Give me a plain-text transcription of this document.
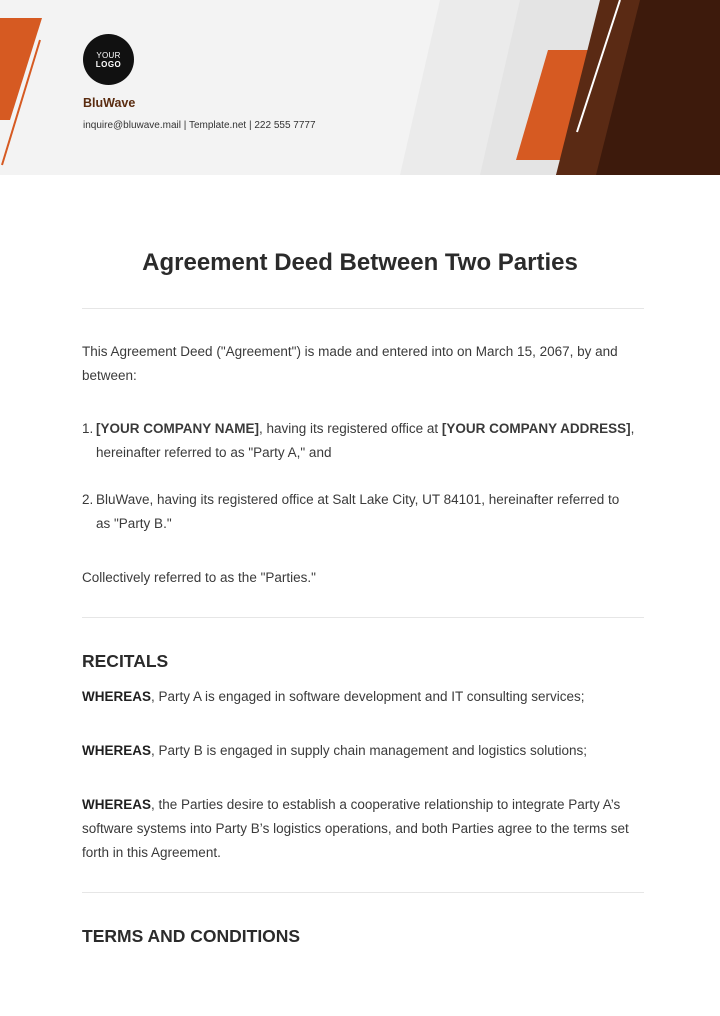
YOUR
LOGO
BluWave
inquire@bluwave.mail | Template.net | 222 555 7777
Agreement Deed Between Two Parties
This Agreement Deed ("Agreement") is made and entered into on March 15, 2067, by and between:
1. [YOUR COMPANY NAME], having its registered office at [YOUR COMPANY ADDRESS], hereinafter referred to as "Party A," and
2. BluWave, having its registered office at Salt Lake City, UT 84101, hereinafter referred to as "Party B."
Collectively referred to as the "Parties."
RECITALS
WHEREAS, Party A is engaged in software development and IT consulting services;
WHEREAS, Party B is engaged in supply chain management and logistics solutions;
WHEREAS, the Parties desire to establish a cooperative relationship to integrate Party A’s software systems into Party B’s logistics operations, and both Parties agree to the terms set forth in this Agreement.
TERMS AND CONDITIONS
